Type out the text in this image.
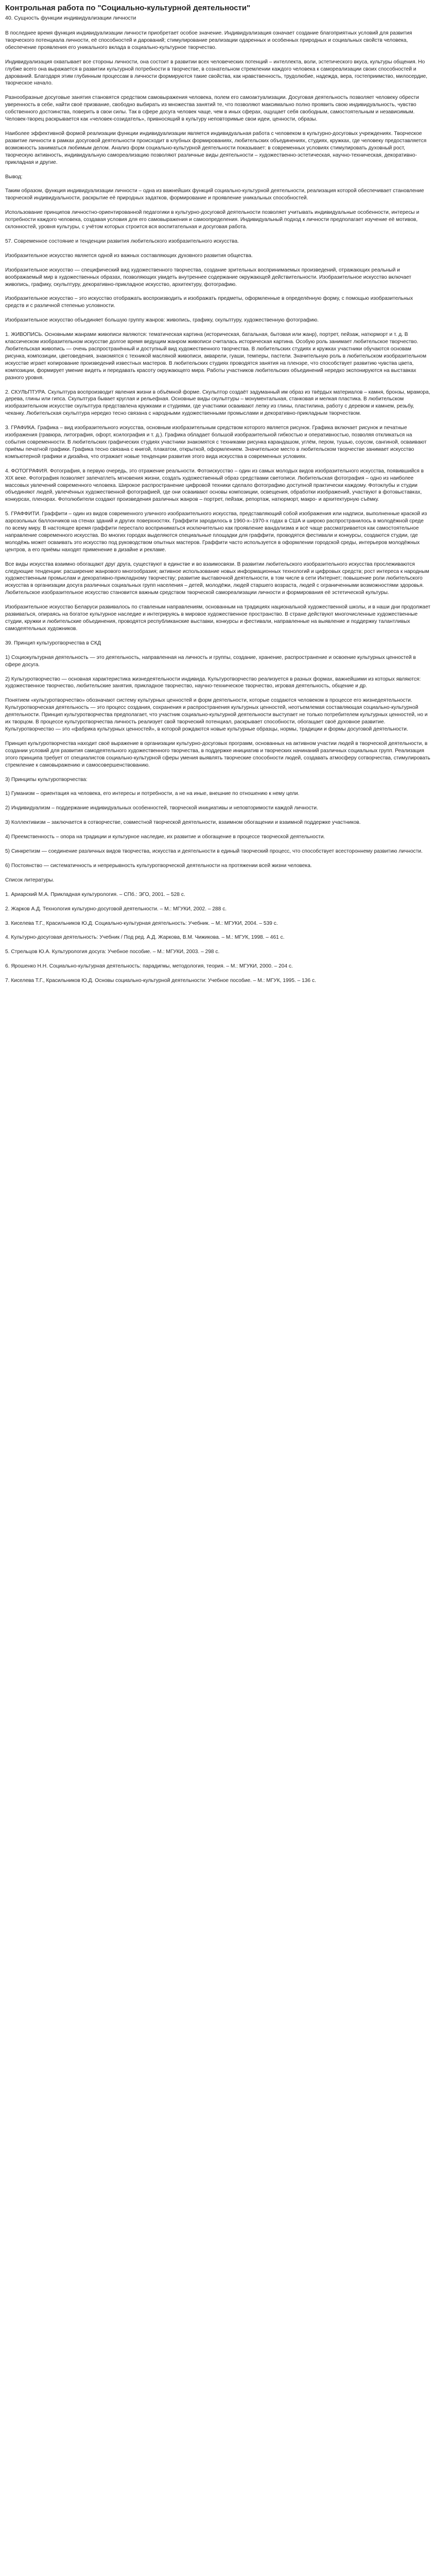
Контрольная работа по "Социально-культурной деятельности"
40. Сущность функции индивидуализации личности

В последнее время функция индивидуализации личности приобретает особое значение. Индивидуализация означает создание благоприятных условий для развития творческого потенциала личности, её способностей и дарований; стимулирование реализации одаренных и особенных природных и социальных свойств человека, обеспечение проявления его уникального вклада в социально-культурное творчество.

Индивидуализация охватывает все стороны личности, она состоит в развитии всех человеческих потенций – интеллекта, воли, эстетического вкуса, культуры общения. Но глубже всего она выражается в развитии культурной потребности в творчестве, в сознательном стремлении каждого человека к самореализации своих способностей и дарований. Благодаря этим глубинным процессам в личности формируются такие свойства, как нравственность, трудолюбие, надежда, вера, гостеприимство, милосердие, творческое начало.

Разнообразные досуговые занятия становятся средством самовыражения человека, полем его самоактуализации. Досуговая деятельность позволяет человеку обрести уверенность в себе, найти своё призвание, свободно выбирать из множества занятий те, что позволяют максимально полно проявить свою индивидуальность, чувство собственного достоинства, поверить в свои силы. Так в сфере досуга человек чаще, чем в иных сферах, ощущает себя свободным, самостоятельным и независимым. Человек-творец раскрывается как «человек-созидатель», привносящий в культуру неповторимые свои идеи, ценности, образы.

Наиболее эффективной формой реализации функции индивидуализации является индивидуальная работа с человеком в культурно-досуговых учреждениях. Творческое развитие личности в рамках досуговой деятельности происходит в клубных формированиях, любительских объединениях, студиях, кружках, где человеку предоставляется возможность заниматься любимым делом. Анализ форм социально-культурной деятельности показывает: в современных условиях стимулировать духовный рост, творческую активность, индивидуальную самореализацию позволяют различные виды деятельности – художественно-эстетическая, научно-техническая, декоративно-прикладная и другие.

Вывод:

Таким образом, функция индивидуализации личности – одна из важнейших функций социально-культурной деятельности, реализация которой обеспечивает становление творческой индивидуальности, раскрытие её природных задатков, формирование и проявление уникальных способностей.

Использование принципов личностно-ориентированной педагогики в культурно-досуговой деятельности позволяет учитывать индивидуальные особенности, интересы и потребности каждого человека, создавая условия для его самовыражения и самоопределения. Индивидуальный подход к личности предполагает изучение её мотивов, склонностей, уровня культуры, с учётом которых строится вся воспитательная и досуговая работа.

57. Современное состояние и тенденции развития любительского изобразительного искусства.

Изобразительное искусство является одной из важных составляющих духовного развития общества.

Изобразительное искусство — специфический вид художественного творчества, создание зрительных воспринимаемых произведений, отражающих реальный и воображаемый мир в художественных образах, позволяющих увидеть внутреннее содержание окружающей действительности. Изобразительное искусство включает живопись, графику, скульптуру, декоративно-прикладное искусство, архитектуру, фотографию.

Изобразительное искусство – это искусство отображать воспроизводить и изображать предметы, оформленные в определённую форму, с помощью изобразительных средств и с различной степенью условности.

Изобразительное искусство объединяет большую группу жанров: живопись, графику, скульптуру, художественную фотографию.

1. ЖИВОПИСЬ. Основными жанрами живописи являются: тематическая картина (историческая, батальная, бытовая или жанр), портрет, пейзаж, натюрморт и т. д. В классическом изобразительном искусстве долгое время ведущим жанром живописи считалась историческая картина. Особую роль занимает любительское творчество. Любительская живопись — очень распространённый и доступный вид художественного творчества. В любительских студиях и кружках участники обучаются основам рисунка, композиции, цветоведения, знакомятся с техникой масляной живописи, акварели, гуаши, темперы, пастели. Значительную роль в любительском изобразительном искусстве играет копирование произведений известных мастеров. В любительских студиях проводятся занятия на пленэре, что способствует развитию чувства цвета, композиции, формирует умение видеть и передавать красоту окружающего мира. Работы участников любительских объединений нередко экспонируются на выставках разного уровня.

2. СКУЛЬПТУРА. Скульптура воспроизводит явления жизни в объёмной форме. Скульптор создаёт задуманный им образ из твёрдых материалов – камня, бронзы, мрамора, дерева, глины или гипса. Скульптура бывает круглая и рельефная. Основные виды скульптуры – монументальная, станковая и мелкая пластика. В любительском изобразительном искусстве скульптура представлена кружками и студиями, где участники осваивают лепку из глины, пластилина, работу с деревом и камнем, резьбу, чеканку. Любительская скульптура нередко тесно связана с народными художественными промыслами и декоративно-прикладным творчеством.

3. ГРАФИКА. Графика – вид изобразительного искусства, основным изобразительным средством которого является рисунок. Графика включает рисунок и печатные изображения (гравюра, литография, офорт, ксилография и т. д.). Графика обладает большой изобразительной гибкостью и оперативностью, позволяя откликаться на события современности. В любительских графических студиях участники знакомятся с техниками рисунка карандашом, углём, пером, тушью, соусом, сангиной, осваивают приёмы печатной графики. Графика тесно связана с книгой, плакатом, открыткой, оформлением. Значительное место в любительском творчестве занимает искусство компьютерной графики и дизайна, что отражает новые тенденции развития этого вида искусства в современных условиях.

4. ФОТОГРАФИЯ. Фотография, в первую очередь, это отражение реальности. Фотоискусство – один из самых молодых видов изобразительного искусства, появившийся в XIX веке. Фотография позволяет запечатлеть мгновения жизни, создать художественный образ средствами светописи. Любительская фотография – одно из наиболее массовых увлечений современного человека. Широкое распространение цифровой техники сделало фотографию доступной практически каждому. Фотоклубы и студии объединяют людей, увлечённых художественной фотографией, где они осваивают основы композиции, освещения, обработки изображений, участвуют в фотовыставках, конкурсах, пленэрах. Фотолюбители создают произведения различных жанров – портрет, пейзаж, репортаж, натюрморт, макро- и архитектурную съёмку.

5. ГРАФФИТИ. Граффити – один из видов современного уличного изобразительного искусства, представляющий собой изображения или надписи, выполненные краской из аэрозольных баллончиков на стенах зданий и других поверхностях. Граффити зародилось в 1960-х–1970-х годах в США и широко распространилось в молодёжной среде по всему миру. В настоящее время граффити перестало восприниматься исключительно как проявление вандализма и всё чаще рассматривается как самостоятельное направление современного искусства. Во многих городах выделяются специальные площадки для граффити, проводятся фестивали и конкурсы, создаются студии, где молодёжь может осваивать это искусство под руководством опытных мастеров. Граффити часто используется в оформлении городской среды, интерьеров молодёжных центров, а его приёмы находят применение в дизайне и рекламе.

Все виды искусства взаимно обогащают друг друга, существуют в единстве и во взаимосвязи. В развитии любительского изобразительного искусства прослеживаются следующие тенденции: расширение жанрового многообразия; активное использование новых информационных технологий и цифровых средств; рост интереса к народным художественным промыслам и декоративно-прикладному творчеству; развитие выставочной деятельности, в том числе в сети Интернет; повышение роли любительского искусства в организации досуга различных социальных групп населения – детей, молодёжи, людей старшего возраста, людей с ограниченными возможностями здоровья. Любительское изобразительное искусство становится важным средством творческой самореализации личности и формирования её эстетической культуры.

Изобразительное искусство Беларуси развивалось по ставленым направлениям, основанным на традициях национальной художественной школы, и в наши дни продолжает развиваться, опираясь на богатое культурное наследие и интегрируясь в мировое художественное пространство. В стране действуют многочисленные художественные студии, кружки и любительские объединения, проводятся республиканские выставки, конкурсы и фестивали, направленные на выявление и поддержку талантливых самодеятельных художников.

39. Принцип культуротворчества в СКД

1) Социокультурная деятельность — это деятельность, направленная на личность и группы, создание, хранение, распространение и освоение культурных ценностей в сфере досуга.

2) Культуротворчество — основная характеристика жизнедеятельности индивида. Культуротворчество реализуется в разных формах, важнейшими из которых являются: художественное творчество, любительские занятия, прикладное творчество, научно-техническое творчество, игровая деятельность, общение и др.

Понятием «культуротворчество» обозначают систему культурных ценностей и форм деятельности, которые создаются человеком в процессе его жизнедеятельности. Культуротворческая деятельность — это процесс создания, сохранения и распространения культурных ценностей, неотъемлемая составляющая социально-культурной деятельности. Принцип культуротворчества предполагает, что участник социально-культурной деятельности выступает не только потребителем культурных ценностей, но и их творцом. В процессе культуротворчества личность реализует свой творческий потенциал, раскрывает способности, обогащает своё духовное развитие. Культуротворчество — это «фабрика культурных ценностей», в которой рождаются новые культурные образцы, нормы, традиции и формы досуговой деятельности.

Принцип культуротворчества находит своё выражение в организации культурно-досуговых программ, основанных на активном участии людей в творческой деятельности, в создании условий для развития самодеятельного художественного творчества, в поддержке инициатив и творческих начинаний различных социальных групп. Реализация этого принципа требует от специалистов социально-культурной сферы умения выявлять творческие способности людей, создавать атмосферу сотворчества, стимулировать стремление к самовыражению и самосовершенствованию.

3) Принципы культуротворчества:

1) Гуманизм – ориентация на человека, его интересы и потребности, а не на иные, внешние по отношению к нему цели.

2) Индивидуализм – поддержание индивидуальных особенностей, творческой инициативы и неповторимости каждой личности.

3) Коллективизм – заключается в сотворчестве, совместной творческой деятельности, взаимном обогащении и взаимной поддержке участников.

4) Преемственность – опора на традиции и культурное наследие, их развитие и обогащение в процессе творческой деятельности.

5) Синкретизм — соединение различных видов творчества, искусства и деятельности в единый творческий процесс, что способствует всестороннему развитию личности.

6) Постоянство — систематичность и непрерывность культуротворческой деятельности на протяжении всей жизни человека.

Список литературы.

1. Ариарский М.А. Прикладная культурология. – СПб.: ЭГО, 2001. – 528 с.

2. Жарков А.Д. Технология культурно-досуговой деятельности. – М.: МГУКИ, 2002. – 288 с.

3. Киселева Т.Г., Красильников Ю.Д. Социально-культурная деятельность: Учебник. – М.: МГУКИ, 2004. – 539 с.

4. Культурно-досуговая деятельность: Учебник / Под ред. А.Д. Жаркова, В.М. Чижикова. – М.: МГУК, 1998. – 461 с.

5. Стрельцов Ю.А. Культурология досуга: Учебное пособие. – М.: МГУКИ, 2003. – 298 с.

6. Ярошенко Н.Н. Социально-культурная деятельность: парадигмы, методология, теория. – М.: МГУКИ, 2000. – 204 с.

7. Киселева Т.Г., Красильников Ю.Д. Основы социально-культурной деятельности: Учебное пособие. – М.: МГУК, 1995. – 136 с.
